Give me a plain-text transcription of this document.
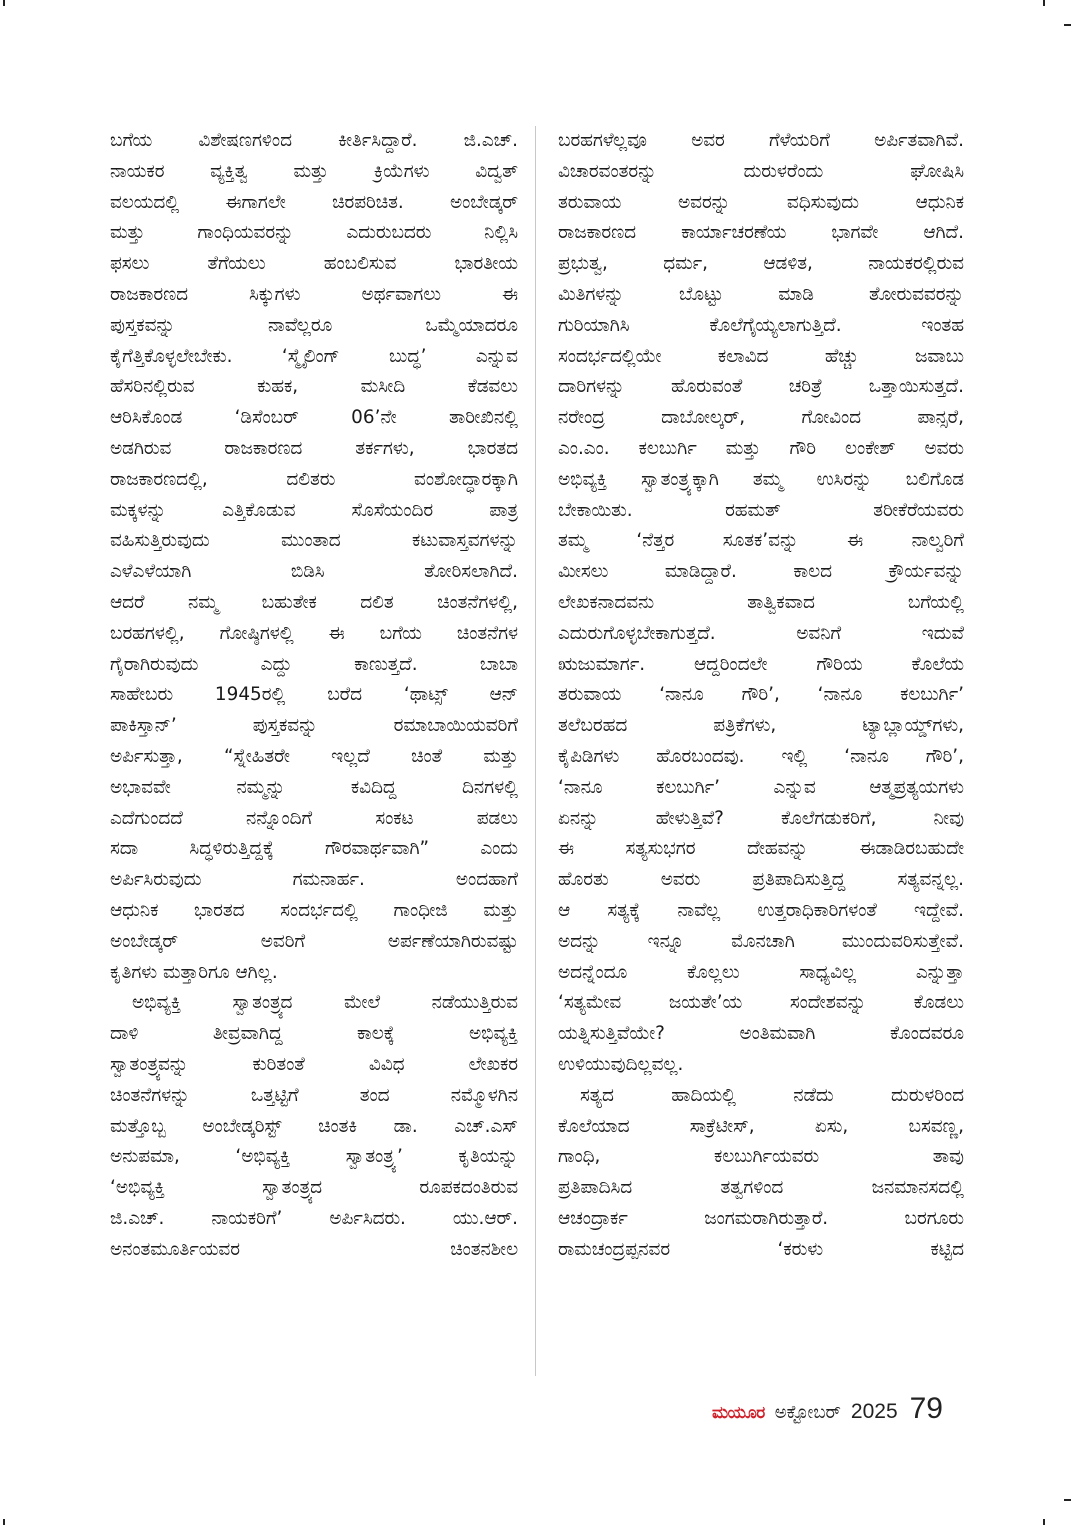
ಬಗೆಯ ವಿಶೇಷಣಗಳಿಂದ ಕೀರ್ತಿಸಿದ್ದಾರೆ. ಜಿ.ಎಚ್.
ನಾಯಕರ ವ್ಯಕ್ತಿತ್ವ ಮತ್ತು ಕ್ರಿಯೆಗಳು ವಿದ್ವತ್
ವಲಯದಲ್ಲಿ ಈಗಾಗಲೇ ಚಿರಪರಿಚಿತ. ಅಂಬೇಡ್ಕರ್
ಮತ್ತು ಗಾಂಧಿಯವರನ್ನು ಎದುರುಬದರು ನಿಲ್ಲಿಸಿ
ಫಸಲು ತೆಗೆಯಲು ಹಂಬಲಿಸುವ ಭಾರತೀಯ
ರಾಜಕಾರಣದ ಸಿಕ್ಕುಗಳು ಅರ್ಥವಾಗಲು ಈ
ಪುಸ್ತಕವನ್ನು ನಾವೆಲ್ಲರೂ ಒಮ್ಮೆಯಾದರೂ
ಕೈಗೆತ್ತಿಕೊಳ್ಳಲೇಬೇಕು. ‘ಸ್ಮೈಲಿಂಗ್ ಬುದ್ಧ’ ಎನ್ನುವ
ಹೆಸರಿನಲ್ಲಿರುವ ಕುಹಕ, ಮಸೀದಿ ಕೆಡವಲು
ಆರಿಸಿಕೊಂಡ ‘ಡಿಸೆಂಬರ್ 06’ನೇ ತಾರೀಖಿನಲ್ಲಿ
ಅಡಗಿರುವ ರಾಜಕಾರಣದ ತರ್ಕಗಳು, ಭಾರತದ
ರಾಜಕಾರಣದಲ್ಲಿ, ದಲಿತರು ವಂಶೋದ್ಧಾರಕ್ಕಾಗಿ
ಮಕ್ಕಳನ್ನು ಎತ್ತಿಕೊಡುವ ಸೊಸೆಯಂದಿರ ಪಾತ್ರ
ವಹಿಸುತ್ತಿರುವುದು ಮುಂತಾದ ಕಟುವಾಸ್ತವಗಳನ್ನು
ಎಳೆಎಳೆಯಾಗಿ ಬಿಡಿಸಿ ತೋರಿಸಲಾಗಿದೆ.
ಆದರೆ ನಮ್ಮ ಬಹುತೇಕ ದಲಿತ ಚಿಂತನೆಗಳಲ್ಲಿ,
ಬರಹಗಳಲ್ಲಿ, ಗೋಷ್ಠಿಗಳಲ್ಲಿ ಈ ಬಗೆಯ ಚಿಂತನೆಗಳ
ಗೈರಾಗಿರುವುದು ಎದ್ದು ಕಾಣುತ್ತದೆ. ಬಾಬಾ
ಸಾಹೇಬರು 1945ರಲ್ಲಿ ಬರೆದ ‘ಥಾಟ್ಸ್ ಆನ್
ಪಾಕಿಸ್ತಾನ್’ ಪುಸ್ತಕವನ್ನು ರಮಾಬಾಯಿಯವರಿಗೆ
ಅರ್ಪಿಸುತ್ತಾ, “ಸ್ನೇಹಿತರೇ ಇಲ್ಲದೆ ಚಿಂತೆ ಮತ್ತು
ಅಭಾವವೇ ನಮ್ಮನ್ನು ಕವಿದಿದ್ದ ದಿನಗಳಲ್ಲಿ
ಎದೆಗುಂದದೆ ನನ್ನೊಂದಿಗೆ ಸಂಕಟ ಪಡಲು
ಸದಾ ಸಿದ್ಧಳಿರುತ್ತಿದ್ದಕ್ಕೆ ಗೌರವಾರ್ಥವಾಗಿ” ಎಂದು
ಅರ್ಪಿಸಿರುವುದು ಗಮನಾರ್ಹ. ಅಂದಹಾಗೆ
ಆಧುನಿಕ ಭಾರತದ ಸಂದರ್ಭದಲ್ಲಿ ಗಾಂಧೀಜಿ ಮತ್ತು
ಅಂಬೇಡ್ಕರ್ ಅವರಿಗೆ ಅರ್ಪಣೆಯಾಗಿರುವಷ್ಟು
ಕೃತಿಗಳು ಮತ್ತಾರಿಗೂ ಆಗಿಲ್ಲ.
ಅಭಿವ್ಯಕ್ತಿ ಸ್ವಾತಂತ್ರ್ಯದ ಮೇಲೆ ನಡೆಯುತ್ತಿರುವ
ದಾಳಿ ತೀವ್ರವಾಗಿದ್ದ ಕಾಲಕ್ಕೆ ಅಭಿವ್ಯಕ್ತಿ
ಸ್ವಾತಂತ್ರ್ಯವನ್ನು ಕುರಿತಂತೆ ವಿವಿಧ ಲೇಖಕರ
ಚಿಂತನೆಗಳನ್ನು ಒತ್ತಟ್ಟಿಗೆ ತಂದ ನಮ್ಮೊಳಗಿನ
ಮತ್ತೊಬ್ಬ ಅಂಬೇಡ್ಕರಿಸ್ಟ್ ಚಿಂತಕಿ ಡಾ. ಎಚ್.ಎಸ್
ಅನುಪಮಾ, ‘ಅಭಿವ್ಯಕ್ತಿ ಸ್ವಾತಂತ್ರ್ಯ’ ಕೃತಿಯನ್ನು
‘ಅಭಿವ್ಯಕ್ತಿ ಸ್ವಾತಂತ್ರ್ಯದ ರೂಪಕದಂತಿರುವ
ಜಿ.ಎಚ್. ನಾಯಕರಿಗೆ’ ಅರ್ಪಿಸಿದರು. ಯು.ಆರ್.
ಅನಂತಮೂರ್ತಿಯವರ ಚಿಂತನಶೀಲ
ಬರಹಗಳೆಲ್ಲವೂ ಅವರ ಗೆಳೆಯರಿಗೆ ಅರ್ಪಿತವಾಗಿವೆ.
ವಿಚಾರವಂತರನ್ನು ದುರುಳರೆಂದು ಘೋಷಿಸಿ
ತರುವಾಯ ಅವರನ್ನು ವಧಿಸುವುದು ಆಧುನಿಕ
ರಾಜಕಾರಣದ ಕಾರ್ಯಾಚರಣೆಯ ಭಾಗವೇ ಆಗಿದೆ.
ಪ್ರಭುತ್ವ, ಧರ್ಮ, ಆಡಳಿತ, ನಾಯಕರಲ್ಲಿರುವ
ಮಿತಿಗಳನ್ನು ಬೊಟ್ಟು ಮಾಡಿ ತೋರುವವರನ್ನು
ಗುರಿಯಾಗಿಸಿ ಕೊಲೆಗೈಯ್ಯಲಾಗುತ್ತಿದೆ. ಇಂತಹ
ಸಂದರ್ಭದಲ್ಲಿಯೇ ಕಲಾವಿದ ಹೆಚ್ಚು ಜವಾಬು
ದಾರಿಗಳನ್ನು ಹೊರುವಂತೆ ಚರಿತ್ರೆ ಒತ್ತಾಯಿಸುತ್ತದೆ.
ನರೇಂದ್ರ ದಾಬೋಲ್ಕರ್, ಗೋವಿಂದ ಪಾನ್ಸರೆ,
ಎಂ.ಎಂ. ಕಲಬುರ್ಗಿ ಮತ್ತು ಗೌರಿ ಲಂಕೇಶ್ ಅವರು
ಅಭಿವ್ಯಕ್ತಿ ಸ್ವಾತಂತ್ರ್ಯಕ್ಕಾಗಿ ತಮ್ಮ ಉಸಿರನ್ನು ಬಲಿಗೊಡ
ಬೇಕಾಯಿತು. ರಹಮತ್ ತರೀಕೆರೆಯವರು
ತಮ್ಮ ‘ನೆತ್ತರ ಸೂತಕ’ವನ್ನು ಈ ನಾಲ್ವರಿಗೆ
ಮೀಸಲು ಮಾಡಿದ್ದಾರೆ. ಕಾಲದ ಕ್ರೌರ್ಯವನ್ನು
ಲೇಖಕನಾದವನು ತಾತ್ವಿಕವಾದ ಬಗೆಯಲ್ಲಿ
ಎದುರುಗೊಳ್ಳಬೇಕಾಗುತ್ತದೆ. ಅವನಿಗೆ ಇದುವೆ
ಋಜುಮಾರ್ಗ. ಆದ್ದರಿಂದಲೇ ಗೌರಿಯ ಕೊಲೆಯ
ತರುವಾಯ ‘ನಾನೂ ಗೌರಿ’, ‘ನಾನೂ ಕಲಬುರ್ಗಿ’
ತಲೆಬರಹದ ಪತ್ರಿಕೆಗಳು, ಟ್ಯಾಬ್ಲಾಯ್ಡ್‌ಗಳು,
ಕೈಪಿಡಿಗಳು ಹೊರಬಂದವು. ಇಲ್ಲಿ ‘ನಾನೂ ಗೌರಿ’,
‘ನಾನೂ ಕಲಬುರ್ಗಿ’ ಎನ್ನುವ ಆತ್ಮಪ್ರತ್ಯಯಗಳು
ಏನನ್ನು ಹೇಳುತ್ತಿವೆ? ಕೊಲೆಗಡುಕರಿಗೆ, ನೀವು
ಈ ಸತ್ಯಸುಭಗರ ದೇಹವನ್ನು ಈಡಾಡಿರಬಹುದೇ
ಹೊರತು ಅವರು ಪ್ರತಿಪಾದಿಸುತ್ತಿದ್ದ ಸತ್ಯವನ್ನಲ್ಲ.
ಆ ಸತ್ಯಕ್ಕೆ ನಾವೆಲ್ಲ ಉತ್ತರಾಧಿಕಾರಿಗಳಂತೆ ಇದ್ದೇವೆ.
ಅದನ್ನು ಇನ್ನೂ ಮೊನಚಾಗಿ ಮುಂದುವರಿಸುತ್ತೇವೆ.
ಅದನ್ನೆಂದೂ ಕೊಲ್ಲಲು ಸಾಧ್ಯವಿಲ್ಲ ಎನ್ನುತ್ತಾ
‘ಸತ್ಯಮೇವ ಜಯತೇ’ಯ ಸಂದೇಶವನ್ನು ಕೊಡಲು
ಯತ್ನಿಸುತ್ತಿವೆಯೇ? ಅಂತಿಮವಾಗಿ ಕೊಂದವರೂ
ಉಳಿಯುವುದಿಲ್ಲವಲ್ಲ.
ಸತ್ಯದ ಹಾದಿಯಲ್ಲಿ ನಡೆದು ದುರುಳರಿಂದ
ಕೊಲೆಯಾದ ಸಾಕ್ರೆಟೀಸ್, ಏಸು, ಬಸವಣ್ಣ,
ಗಾಂಧಿ, ಕಲಬುರ್ಗಿಯವರು ತಾವು
ಪ್ರತಿಪಾದಿಸಿದ ತತ್ವಗಳಿಂದ ಜನಮಾನಸದಲ್ಲಿ
ಆಚಂದ್ರಾರ್ಕ ಜಂಗಮರಾಗಿರುತ್ತಾರೆ. ಬರಗೂರು
ರಾಮಚಂದ್ರಪ್ಪನವರ ‘ಕರುಳು ಕಟ್ಟಿದ
ಮಯೂರ ಅಕ್ಟೋಬರ್ 2025 79
